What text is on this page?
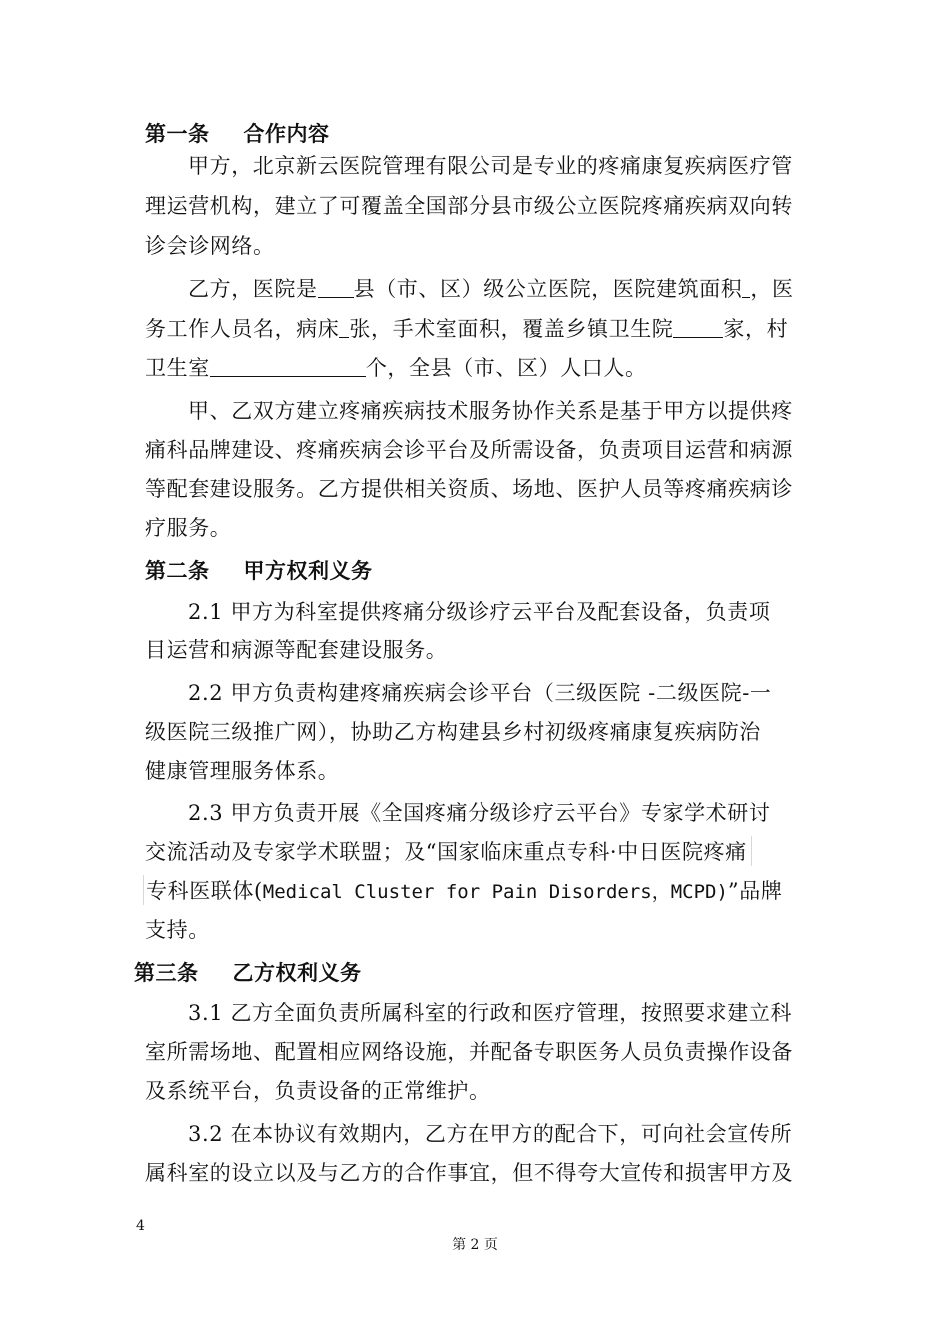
第一条 合作内容
甲方，北京新云医院管理有限公司是专业的疼痛康复疾病医疗管
理运营机构，建立了可覆盖全国部分县市级公立医院疼痛疾病双向转
诊会诊网络。
乙方，医院是 县（市、区）级公立医院，医院建筑面积 ，医
务工作人员名，病床 张，手术室面积，覆盖乡镇卫生院 家，村
卫生室	个，全县（市、区）人口人。
甲、乙双方建立疼痛疾病技术服务协作关系是基于甲方以提供疼
痛科品牌建设、疼痛疾病会诊平台及所需设备，负责项目运营和病源
等配套建设服务。乙方提供相关资质、场地、医护人员等疼痛疾病诊
疗服务。
第二条 甲方权利义务
2.1 甲方为科室提供疼痛分级诊疗云平台及配套设备，负责项
目运营和病源等配套建设服务。
2.2 甲方负责构建疼痛疾病会诊平台（三级医院 -二级医院-一
级医院三级推广网），协助乙方构建县乡村初级疼痛康复疾病防治
健康管理服务体系。
2.3 甲方负责开展《全国疼痛分级诊疗云平台》专家学术研讨
交流活动及专家学术联盟；及“国家临床重点专科·中日医院疼痛
专科医联体(Medical Cluster for Pain Disorders，MCPD)”品牌
支持。
第三条 乙方权利义务
3.1 乙方全面负责所属科室的行政和医疗管理，按照要求建立科
室所需场地、配置相应网络设施，并配备专职医务人员负责操作设备
及系统平台，负责设备的正常维护。
3.2 在本协议有效期内，乙方在甲方的配合下，可向社会宣传所
属科室的设立以及与乙方的合作事宜，但不得夸大宣传和损害甲方及
4
第 2 页
